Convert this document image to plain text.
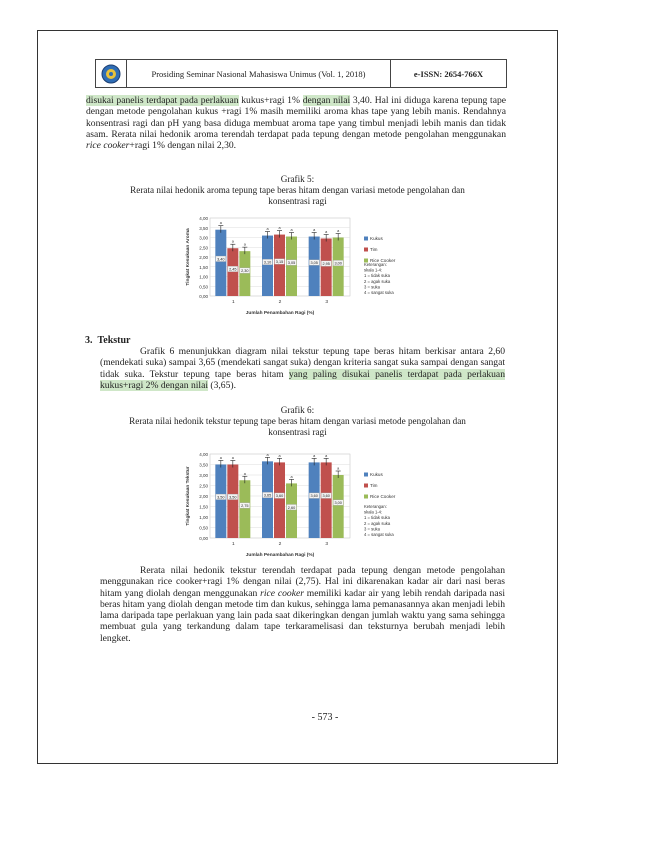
Prosiding Seminar Nasional Mahasiswa Unimus (Vol. 1, 2018)	e-ISSN: 2654-766X
disukai panelis terdapat pada perlakuan kukus+ragi 1% dengan nilai 3,40. Hal ini diduga karena tepung tape dengan metode pengolahan kukus +ragi 1% masih memiliki aroma khas tape yang lebih manis. Rendahnya konsentrasi ragi dan pH yang basa diduga membuat aroma tape yang timbul menjadi lebih manis dan tidak asam. Rerata nilai hedonik aroma terendah terdapat pada tepung dengan metode pengolahan menggunakan rice cooker+ragi 1% dengan nilai 2,30.
Grafik 5:
Rerata nilai hedonik aroma tepung tape beras hitam dengan variasi metode pengolahan dan konsentrasi ragi
0,00
0,50
1,00
1,50
2,00
2,50
3,00
3,50
4,00
Tingkat Kesukaan Aroma
a
3,40
a
2,45
a
2,30
1
a
3,10
a
3,15
a
3,05
2
a
3,05
a
2,95
a
3,00
3
Jumlah Penambahan Ragi (%)
Kukus
Tim
Rice Cooker
Keterangan:
skala 1-4:
1 = tidak suka
2 = agak suka
3 = suka
4 = sangat suka
3. Tekstur
Grafik 6 menunjukkan diagram nilai tekstur tepung tape beras hitam berkisar antara 2,60 (mendekati suka) sampai 3,65 (mendekati sangat suka) dengan kriteria sangat suka sampai dengan sangat tidak suka. Tekstur tepung tape beras hitam yang paling disukai panelis terdapat pada perlakuan kukus+ragi 2% dengan nilai (3,65).
Grafik 6:
Rerata nilai hedonik tekstur tepung tape beras hitam dengan variasi metode pengolahan dan konsentrasi ragi
0,00
0,50
1,00
1,50
2,00
2,50
3,00
3,50
4,00
Tingkat Kesukaan Tekstur
a
3,50
a
3,50
a
2,75
1
a
3,65
a
3,60
a
2,60
2
a
3,60
a
3,60
a
3,00
3
Jumlah Penambahan Ragi (%)
Kukus
Tim
Rice Cooker
Keterangan:
skala 1-4:
1 = tidak suka
2 = agak suka
3 = suka
4 = sangat suka
Rerata nilai hedonik tekstur terendah terdapat pada tepung dengan metode pengolahan menggunakan rice cooker+ragi 1% dengan nilai (2,75). Hal ini dikarenakan kadar air dari nasi beras hitam yang diolah dengan menggunakan rice cooker memiliki kadar air yang lebih rendah daripada nasi beras hitam yang diolah dengan metode tim dan kukus, sehingga lama pemanasannya akan menjadi lebih lama daripada tape perlakuan yang lain pada saat dikeringkan dengan jumlah waktu yang sama sehingga membuat gula yang terkandung dalam tape terkaramelisasi dan teksturnya berubah menjadi lebih lengket.
- 573 -
